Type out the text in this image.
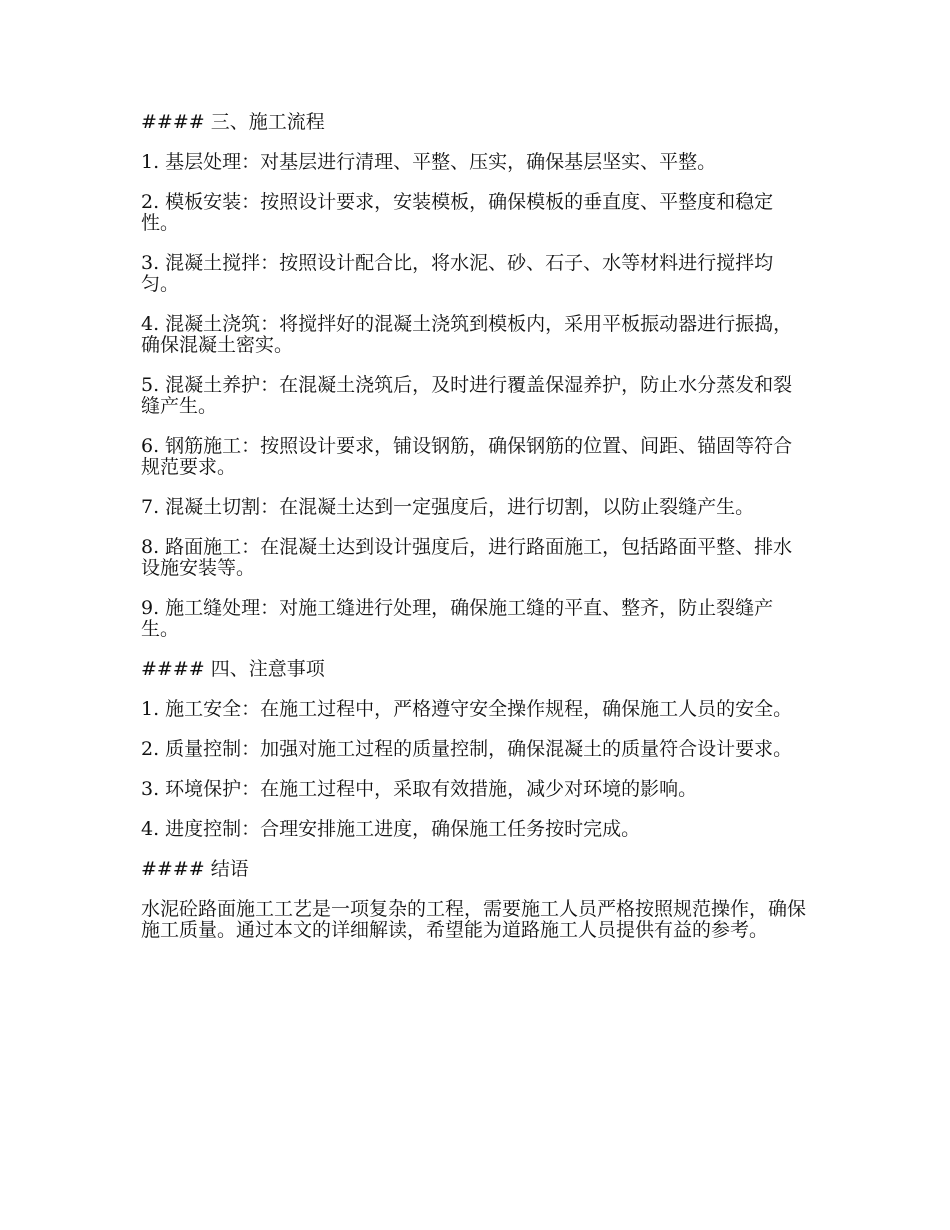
#### 三、施工流程
1. 基层处理：对基层进行清理、平整、压实，确保基层坚实、平整。
2. 模板安装：按照设计要求，安装模板，确保模板的垂直度、平整度和稳定性。
3. 混凝土搅拌：按照设计配合比，将水泥、砂、石子、水等材料进行搅拌均匀。
4. 混凝土浇筑：将搅拌好的混凝土浇筑到模板内，采用平板振动器进行振捣，确保混凝土密实。
5. 混凝土养护：在混凝土浇筑后，及时进行覆盖保湿养护，防止水分蒸发和裂缝产生。
6. 钢筋施工：按照设计要求，铺设钢筋，确保钢筋的位置、间距、锚固等符合规范要求。
7. 混凝土切割：在混凝土达到一定强度后，进行切割，以防止裂缝产生。
8. 路面施工：在混凝土达到设计强度后，进行路面施工，包括路面平整、排水设施安装等。
9. 施工缝处理：对施工缝进行处理，确保施工缝的平直、整齐，防止裂缝产生。
#### 四、注意事项
1. 施工安全：在施工过程中，严格遵守安全操作规程，确保施工人员的安全。
2. 质量控制：加强对施工过程的质量控制，确保混凝土的质量符合设计要求。
3. 环境保护：在施工过程中，采取有效措施，减少对环境的影响。
4. 进度控制：合理安排施工进度，确保施工任务按时完成。
#### 结语
水泥砼路面施工工艺是一项复杂的工程，需要施工人员严格按照规范操作，确保施工质量。通过本文的详细解读，希望能为道路施工人员提供有益的参考。
